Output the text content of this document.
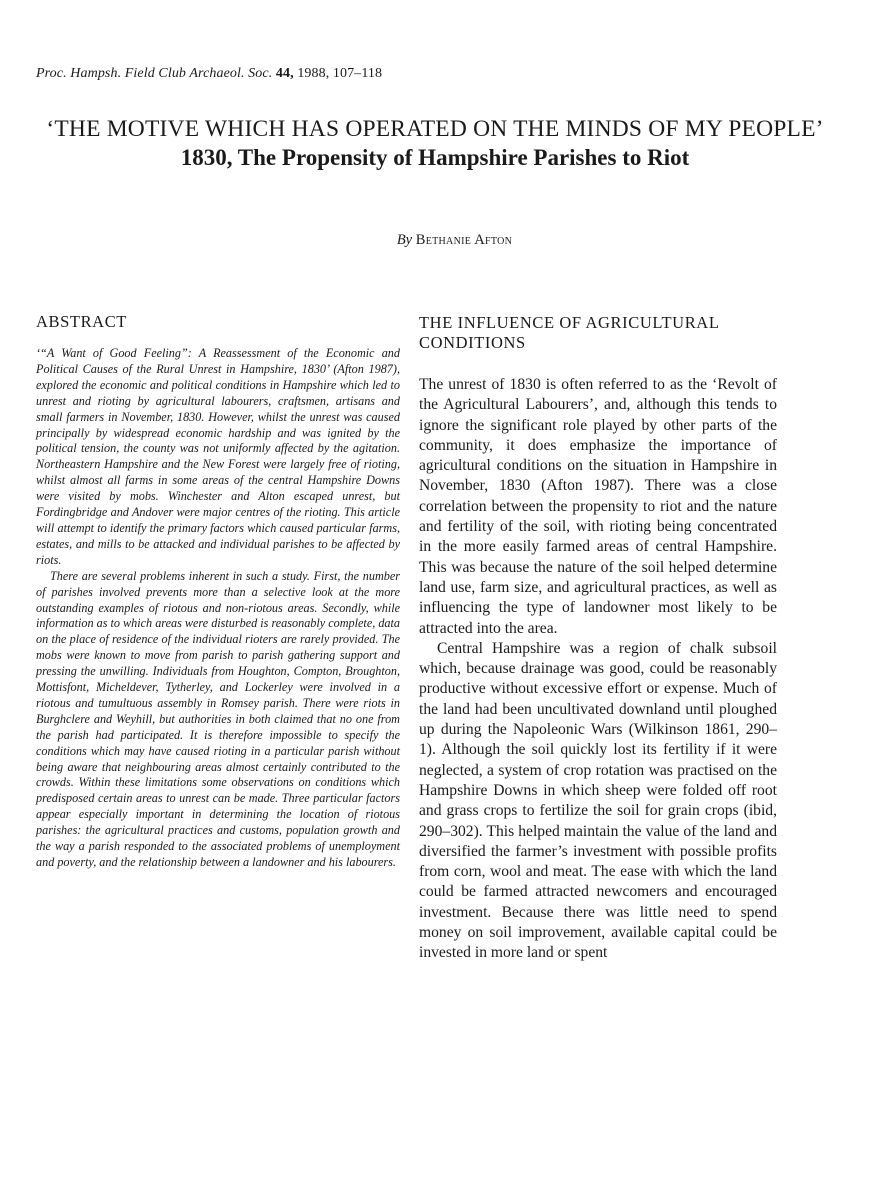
Proc. Hampsh. Field Club Archaeol. Soc. 44, 1988, 107–118
‘THE MOTIVE WHICH HAS OPERATED ON THE MINDS OF MY PEOPLE’
1830, The Propensity of Hampshire Parishes to Riot
By Bethanie Afton
ABSTRACT

‘“A Want of Good Feeling”: A Reassessment of the Economic and Political Causes of the Rural Unrest in Hampshire, 1830’ (Afton 1987), explored the economic and political conditions in Hampshire which led to unrest and rioting by agricultural labourers, craftsmen, artisans and small farmers in November, 1830. However, whilst the unrest was caused principally by widespread economic hardship and was ignited by the political tension, the county was not uniformly affected by the agitation. Northeastern Hampshire and the New Forest were largely free of rioting, whilst almost all farms in some areas of the central Hampshire Downs were visited by mobs. Winchester and Alton escaped unrest, but Fordingbridge and Andover were major centres of the rioting. This article will attempt to identify the primary factors which caused particular farms, estates, and mills to be attacked and individual parishes to be affected by riots.

There are several problems inherent in such a study. First, the number of parishes involved prevents more than a selective look at the more outstanding examples of riotous and non-riotous areas. Secondly, while information as to which areas were disturbed is reasonably complete, data on the place of residence of the individual rioters are rarely provided. The mobs were known to move from parish to parish gathering support and pressing the unwilling. Individuals from Houghton, Compton, Broughton, Mottisfont, Micheldever, Tytherley, and Lockerley were involved in a riotous and tumultuous assembly in Romsey parish. There were riots in Burghclere and Weyhill, but authorities in both claimed that no one from the parish had participated. It is therefore impossible to specify the conditions which may have caused rioting in a particular parish without being aware that neighbouring areas almost certainly contributed to the crowds. Within these limitations some observations on conditions which predisposed certain areas to unrest can be made. Three particular factors appear especially important in determining the location of riotous parishes: the agricultural practices and customs, population growth and the way a parish responded to the associated problems of unemployment and poverty, and the relationship between a landowner and his labourers.

THE INFLUENCE OF AGRICULTURAL CONDITIONS

The unrest of 1830 is often referred to as the ‘Revolt of the Agricultural Labourers’, and, although this tends to ignore the significant role played by other parts of the community, it does emphasize the importance of agricultural conditions on the situation in Hampshire in November, 1830 (Afton 1987). There was a close correlation between the propensity to riot and the nature and fertility of the soil, with rioting being concentrated in the more easily farmed areas of central Hampshire. This was because the nature of the soil helped determine land use, farm size, and agricultural practices, as well as influencing the type of landowner most likely to be attracted into the area.

Central Hampshire was a region of chalk subsoil which, because drainage was good, could be reasonably productive without excessive effort or expense. Much of the land had been uncultivated downland until ploughed up during the Napoleonic Wars (Wilkinson 1861, 290–1). Although the soil quickly lost its fertility if it were neglected, a system of crop rotation was practised on the Hampshire Downs in which sheep were folded off root and grass crops to fertilize the soil for grain crops (ibid, 290–302). This helped maintain the value of the land and diversified the farmer’s investment with possible profits from corn, wool and meat. The ease with which the land could be farmed attracted newcomers and encouraged investment. Because there was little need to spend money on soil improvement, available capital could be invested in more land or spent
